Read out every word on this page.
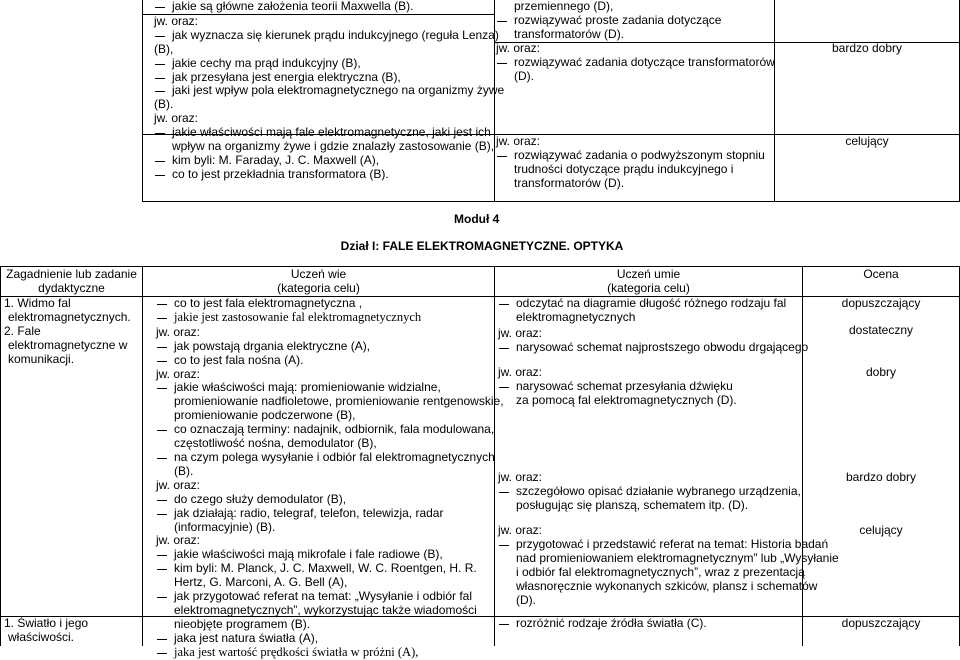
jakie są główne założenia teorii Maxwella (B).
jw. oraz:
jak wyznacza się kierunek prądu indukcyjnego (reguła Lenza)
(B),
jakie cechy ma prąd indukcyjny (B),
jak przesyłana jest energia elektryczna (B),
jaki jest wpływ pola elektromagnetycznego na organizmy żywe
(B).
jw. oraz:
jakie właściwości mają fale elektromagnetyczne, jaki jest ich
wpływ na organizmy żywe i gdzie znalazły zastosowanie (B),
kim byli: M. Faraday, J. C. Maxwell (A),
co to jest przekładnia transformatora (B).
przemiennego (D),
rozwiązywać proste zadania dotyczące
transformatorów (D).
jw. oraz:
rozwiązywać zadania dotyczące transformatorów
(D).
jw. oraz:
rozwiązywać zadania o podwyższonym stopniu
trudności dotyczące prądu indukcyjnego i
transformatorów (D).
bardzo dobry
celujący
Moduł 4
Dział I: FALE ELEKTROMAGNETYCZNE. OPTYKA
Zagadnienie lub zadanie
dydaktyczne
Uczeń wie
(kategoria celu)
Uczeń umie
(kategoria celu)
Ocena
1. Widmo fal
elektromagnetycznych.
2. Fale
elektromagnetyczne w
komunikacji.
1. Światło i jego
właściwości.
co to jest fala elektromagnetyczna ,
jakie jest zastosowanie fal elektromagnetycznych
jw. oraz:
jak powstają drgania elektryczne (A),
co to jest fala nośna (A).
jw. oraz:
jakie właściwości mają: promieniowanie widzialne,
promieniowanie nadfioletowe, promieniowanie rentgenowskie,
promieniowanie podczerwone (B),
co oznaczają terminy: nadajnik, odbiornik, fala modulowana,
częstotliwość nośna, demodulator (B),
na czym polega wysyłanie i odbiór fal elektromagnetycznych
(B).
jw. oraz:
do czego służy demodulator (B),
jak działają: radio, telegraf, telefon, telewizja, radar
(informacyjnie) (B).
jw. oraz:
jakie właściwości mają mikrofale i fale radiowe (B),
kim byli: M. Planck, J. C. Maxwell, W. C. Roentgen, H. R.
Hertz, G. Marconi, A. G. Bell (A),
jak przygotować referat na temat: „Wysyłanie i odbiór fal
elektromagnetycznych”, wykorzystując także wiadomości
nieobjęte programem (B).
jaka jest natura światła (A),
jaka jest wartość prędkości światła w próżni (A),
odczytać na diagramie długość różnego rodzaju fal
elektromagnetycznych
jw. oraz:
narysować schemat najprostszego obwodu drgającego
jw. oraz:
narysować schemat przesyłania dźwięku
za pomocą fal elektromagnetycznych (D).
jw. oraz:
szczegółowo opisać działanie wybranego urządzenia,
posługując się planszą, schematem itp. (D).
jw. oraz:
przygotować i przedstawić referat na temat: Historia badań
nad promieniowaniem elektromagnetycznym” lub „Wysyłanie
i odbiór fal elektromagnetycznych”, wraz z prezentacją
własnoręcznie wykonanych szkiców, plansz i schematów
(D).
rozróżnić rodzaje źródła światła (C).
dopuszczający
dostateczny
dobry
bardzo dobry
celujący
dopuszczający
